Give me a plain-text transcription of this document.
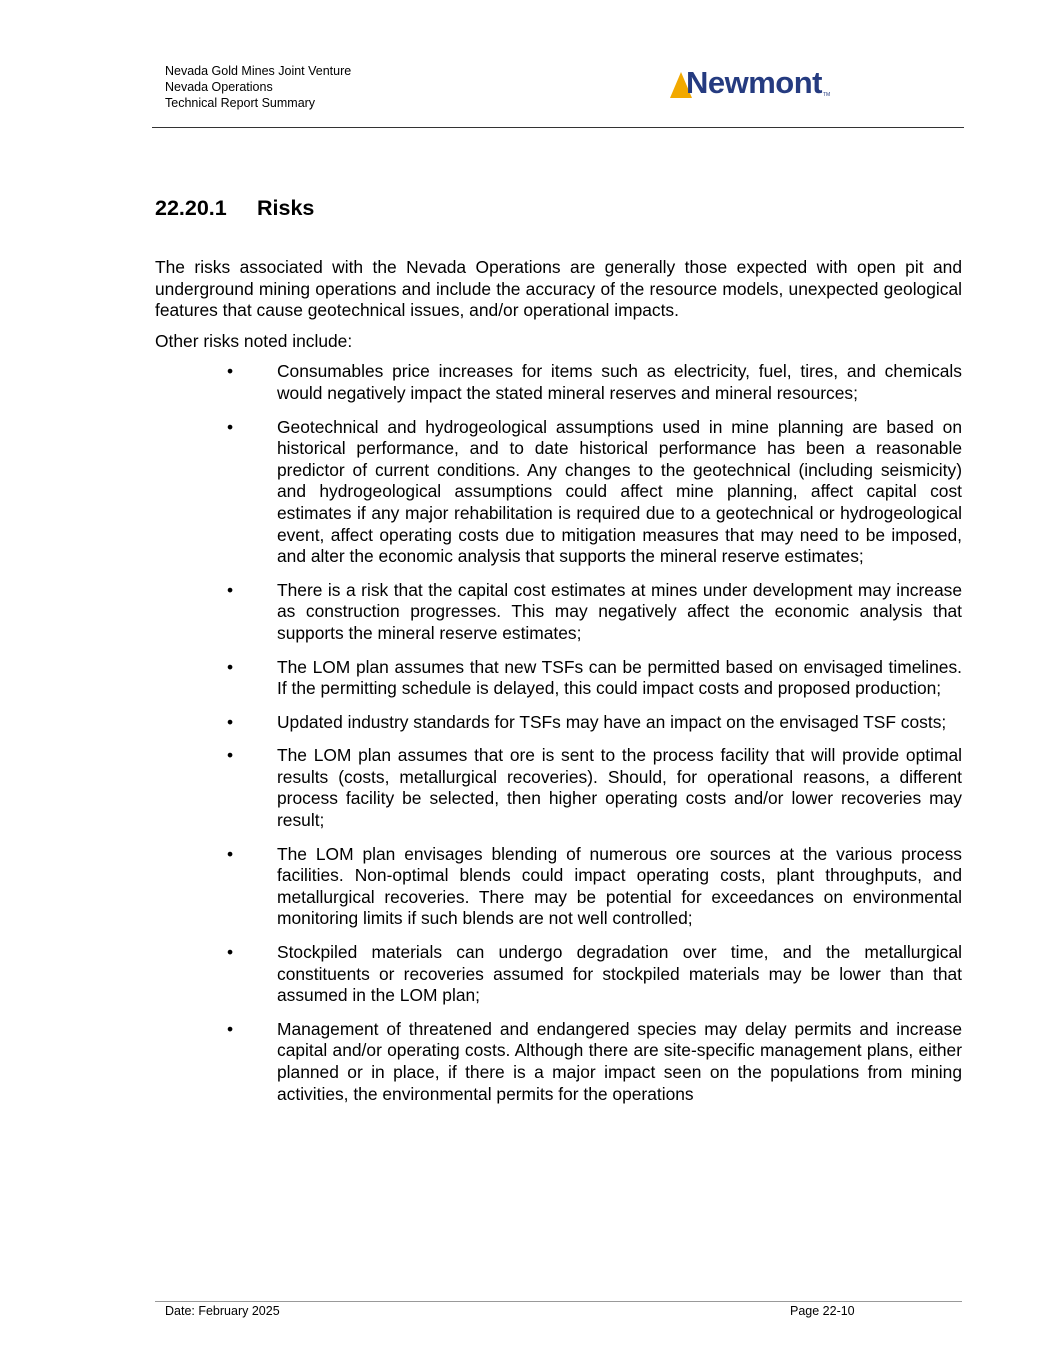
Nevada Gold Mines Joint Venture
Nevada Operations
Technical Report Summary
Newmont TM
22.20.1 Risks

The risks associated with the Nevada Operations are generally those expected with open pit and underground mining operations and include the accuracy of the resource models, unexpected geological features that cause geotechnical issues, and/or operational impacts.

Other risks noted include:

•	Consumables price increases for items such as electricity, fuel, tires, and chemicals would negatively impact the stated mineral reserves and mineral resources;
•	Geotechnical and hydrogeological assumptions used in mine planning are based on historical performance, and to date historical performance has been a reasonable predictor of current conditions. Any changes to the geotechnical (including seismicity) and hydrogeological assumptions could affect mine planning, affect capital cost estimates if any major rehabilitation is required due to a geotechnical or hydrogeological event, affect operating costs due to mitigation measures that may need to be imposed, and alter the economic analysis that supports the mineral reserve estimates;
•	There is a risk that the capital cost estimates at mines under development may increase as construction progresses. This may negatively affect the economic analysis that supports the mineral reserve estimates;
•	The LOM plan assumes that new TSFs can be permitted based on envisaged timelines. If the permitting schedule is delayed, this could impact costs and proposed production;
•	Updated industry standards for TSFs may have an impact on the envisaged TSF costs;
•	The LOM plan assumes that ore is sent to the process facility that will provide optimal results (costs, metallurgical recoveries). Should, for operational reasons, a different process facility be selected, then higher operating costs and/or lower recoveries may result;
•	The LOM plan envisages blending of numerous ore sources at the various process facilities. Non-optimal blends could impact operating costs, plant throughputs, and metallurgical recoveries. There may be potential for exceedances on environmental monitoring limits if such blends are not well controlled;
•	Stockpiled materials can undergo degradation over time, and the metallurgical constituents or recoveries assumed for stockpiled materials may be lower than that assumed in the LOM plan;
•	Management of threatened and endangered species may delay permits and increase capital and/or operating costs. Although there are site-specific management plans, either planned or in place, if there is a major impact seen on the populations from mining activities, the environmental permits for the operations
Date: February 2025	Page 22-10
